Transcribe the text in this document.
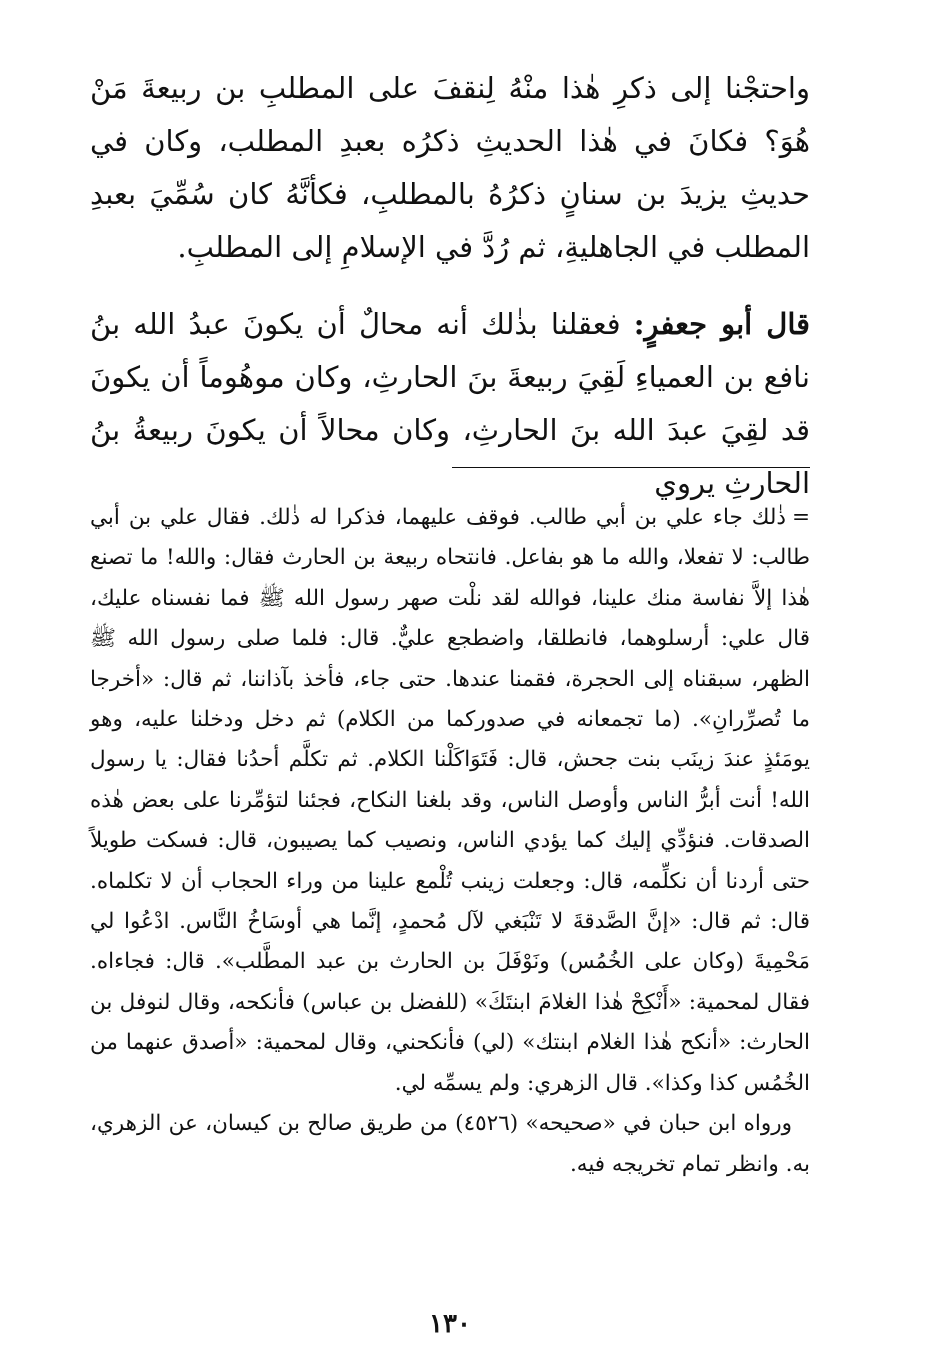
واحتجْنا إلى ذكرِ هٰذا منْهُ لِنقفَ على المطلبِ بن ربيعةَ مَنْ هُوَ؟ فكانَ في هٰذا الحديثِ ذكرُه بعبدِ المطلب، وكان في حديثِ يزيدَ بن سنانٍ ذكرُهُ بالمطلبِ، فكأنَّهُ كان سُمِّيَ بعبدِ المطلب في الجاهليةِ، ثم رُدَّ في الإسلامِ إلى المطلبِ.

قال أبو جعفرٍ: فعقلنا بذٰلك أنه محالٌ أن يكونَ عبدُ الله بنُ نافع بن العمياءِ لَقِيَ ربيعةَ بنَ الحارثِ، وكان موهُوماً أن يكونَ قد لقِيَ عبدَ الله بنَ الحارثِ، وكان محالاً أن يكونَ ربيعةُ بنُ الحارثِ يروي

=ذٰلك جاء علي بن أبي طالب. فوقف عليهما، فذكرا له ذٰلك. فقال علي بن أبي طالب: لا تفعلا، والله ما هو بفاعل. فانتحاه ربيعة بن الحارث فقال: والله! ما تصنع هٰذا إلاَّ نفاسة منك علينا، فوالله لقد نلْت صهر رسول الله ﷺ فما نفسناه عليك، قال علي: أرسلوهما، فانطلقا، واضطجع عليٌّ. قال: فلما صلى رسول الله ﷺ الظهر، سبقناه إلى الحجرة، فقمنا عندها. حتى جاء، فأخذ بآذاننا، ثم قال: «أخرجا ما تُصرِّرانِ». (ما تجمعانه في صدوركما من الكلام) ثم دخل ودخلنا عليه، وهو يومَئذٍ عندَ زينَب بنت جحش، قال: فَتَوَاكَلْنا الكلام. ثم تكلَّم أحدُنا فقال: يا رسول الله! أنت أبرُّ الناس وأوصل الناس، وقد بلغنا النكاح، فجئنا لتؤمِّرنا على بعض هٰذه الصدقات. فنؤدِّي إليك كما يؤدي الناس، ونصيب كما يصيبون، قال: فسكت طويلاً حتى أردنا أن نكلِّمه، قال: وجعلت زينب تُلْمع علينا من وراء الحجاب أن لا تكلماه. قال: ثم قال: «إنَّ الصَّدقةَ لا تَنْبَغي لآل مُحمدٍ، إنَّما هي أوسَاخُ النَّاس. ادْعُوا لي مَحْمِيةَ (وكان على الخُمُس) ونَوْفَلَ بن الحارث بن عبد المطَّلب». قال: فجاءاه. فقال لمحمية: «أَنْكِحْ هٰذا الغلامَ ابنتَكَ» (للفضل بن عباس) فأنكحه، وقال لنوفل بن الحارث: «أنكح هٰذا الغلام ابنتك» (لي) فأنكحني، وقال لمحمية: «أصدق عنهما من الخُمُس كذا وكذا». قال الزهري: ولم يسمِّه لي.

ورواه ابن حبان في «صحيحه» (٤٥٢٦) من طريق صالح بن كيسان، عن الزهري، به. وانظر تمام تخريجه فيه.

١٣٠
